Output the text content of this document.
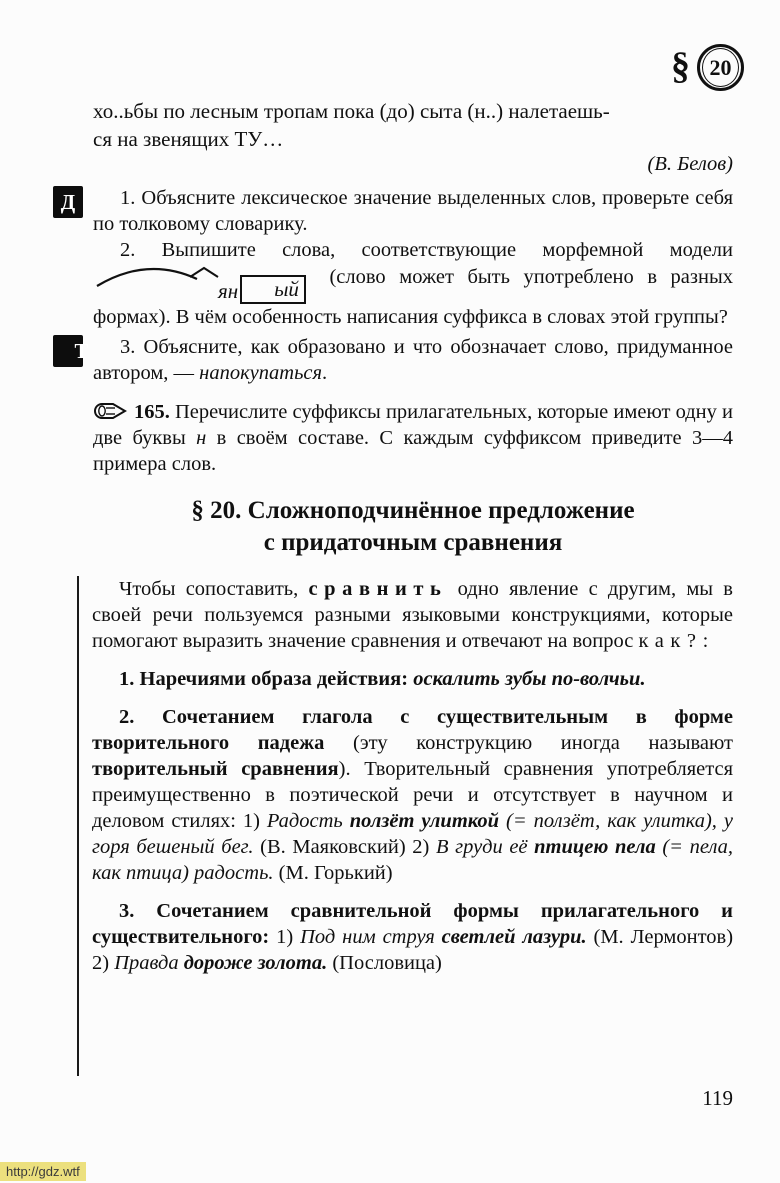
§ 20

хо..ьбы по лесным тропам пока (до) сыта (н..) налетаешь-

ся на звенящих ТУ…

(В. Белов)

Д	1. Объясните лексическое значение выделенных слов, проверьте себя по толковому словарику.

2. Выпишите слова, соответствующие морфемной модели
ян	ый	(слово может быть употреблено в разных формах). В чём особенность написания суффикса в словах этой группы?

Т 3. Объясните, как образовано и что обозначает слово, придуманное автором, — напокупаться.

165. Перечислите суффиксы прилагательных, которые имеют одну и две буквы н в своём составе. С каждым суффиксом приведите 3—4 примера слов.

§ 20. Сложноподчинённое предложение
с придаточным сравнения

Чтобы сопоставить, сравнить одно явление с другим, мы в своей речи пользуемся разными языковыми конструкциями, которые помогают выразить значение сравнения и отвечают на вопрос как?:

1. Наречиями образа действия: оскалить зубы по-волчьи.

2. Сочетанием глагола с существительным в форме творительного падежа (эту конструкцию иногда называют творительный сравнения). Творительный сравнения употребляется преимущественно в поэтической речи и отсутствует в научном и деловом стилях: 1) Радость ползёт улиткой (= ползёт, как улитка), у горя бешеный бег. (В. Маяковский) 2) В груди её птицею пела (= пела, как птица) радость. (М. Горький)

3. Сочетанием сравнительной формы прилагательного и существительного: 1) Под ним струя светлей лазури. (М. Лермонтов) 2) Правда дороже золота. (Пословица)

119

http://gdz.wtf
